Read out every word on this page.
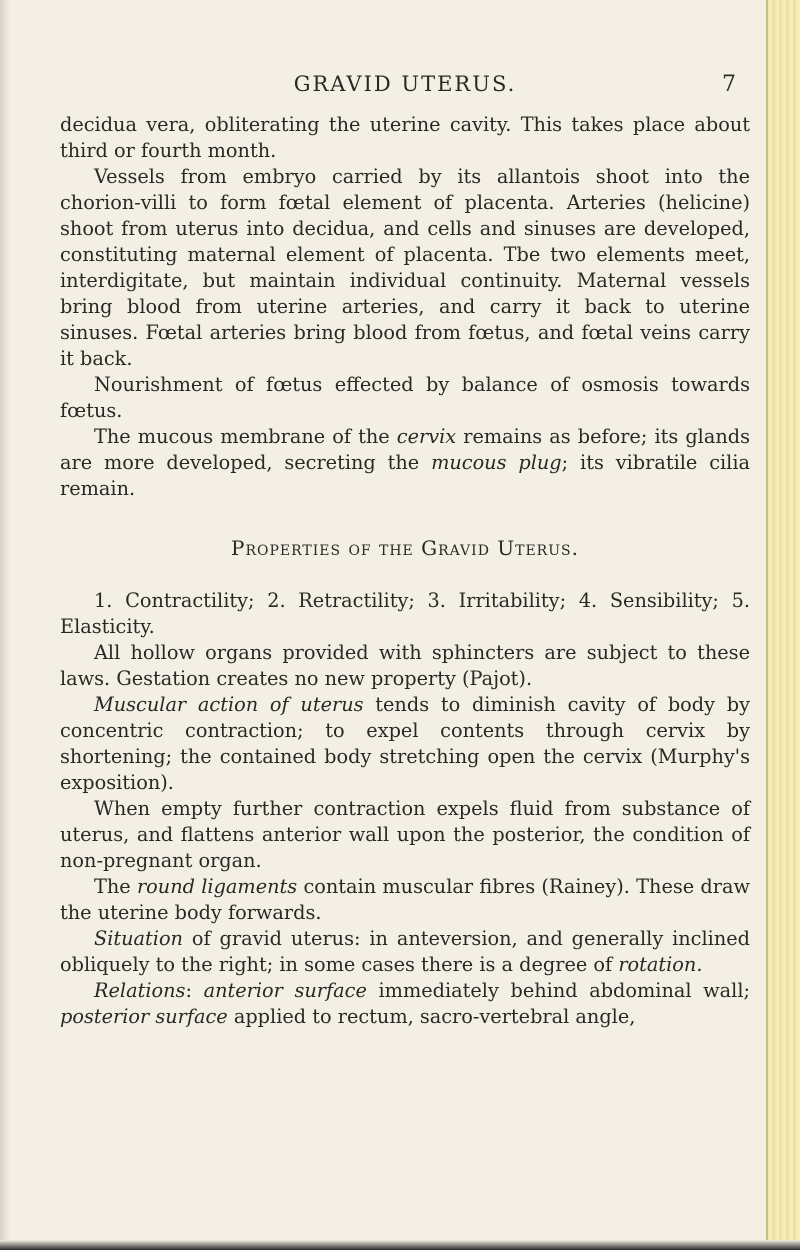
GRAVID UTERUS.	7

decidua vera, obliterating the uterine cavity. This takes place about third or fourth month.

Vessels from embryo carried by its allantois shoot into the chorion-villi to form fœtal element of placenta. Arteries (helicine) shoot from uterus into decidua, and cells and sinuses are developed, constituting maternal element of placenta. Tbe two elements meet, interdigitate, but maintain individual continuity. Maternal vessels bring blood from uterine arteries, and carry it back to uterine sinuses. Fœtal arteries bring blood from fœtus, and fœtal veins carry it back.

Nourishment of fœtus effected by balance of osmosis towards fœtus.

The mucous membrane of the cervix remains as before; its glands are more developed, secreting the mucous plug; its vibratile cilia remain.

Properties of the Gravid Uterus.

1. Contractility; 2. Retractility; 3. Irritability; 4. Sensibility; 5. Elasticity.

All hollow organs provided with sphincters are subject to these laws. Gestation creates no new property (Pajot).

Muscular action of uterus tends to diminish cavity of body by concentric contraction; to expel contents through cervix by shortening; the contained body stretching open the cervix (Murphy's exposition).

When empty further contraction expels fluid from substance of uterus, and flattens anterior wall upon the posterior, the condition of non-pregnant organ.

The round ligaments contain muscular fibres (Rainey). These draw the uterine body forwards.

Situation of gravid uterus: in anteversion, and generally inclined obliquely to the right; in some cases there is a degree of rotation.

Relations: anterior surface immediately behind abdominal wall; posterior surface applied to rectum, sacro-vertebral angle,
